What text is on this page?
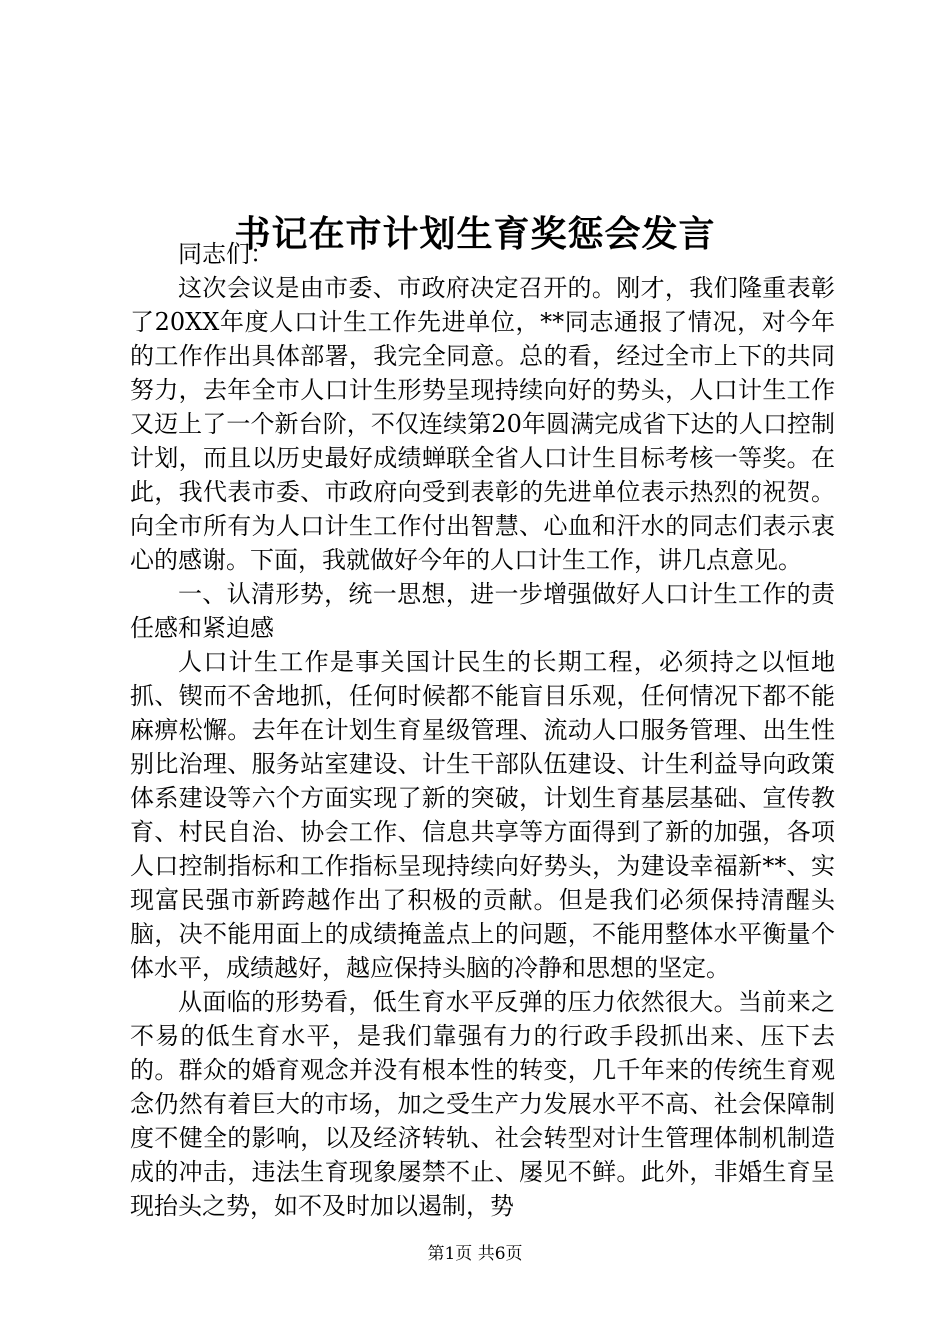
书记在市计划生育奖惩会发言

同志们：

这次会议是由市委、市政府决定召开的。刚才，我们隆重表彰了20XX年度人口计生工作先进单位，**同志通报了情况，对今年的工作作出具体部署，我完全同意。总的看，经过全市上下的共同努力，去年全市人口计生形势呈现持续向好的势头，人口计生工作又迈上了一个新台阶，不仅连续第20年圆满完成省下达的人口控制计划，而且以历史最好成绩蝉联全省人口计生目标考核一等奖。在此，我代表市委、市政府向受到表彰的先进单位表示热烈的祝贺。向全市所有为人口计生工作付出智慧、心血和汗水的同志们表示衷心的感谢。下面，我就做好今年的人口计生工作，讲几点意见。

一、认清形势，统一思想，进一步增强做好人口计生工作的责任感和紧迫感

人口计生工作是事关国计民生的长期工程，必须持之以恒地抓、锲而不舍地抓，任何时候都不能盲目乐观，任何情况下都不能麻痹松懈。去年在计划生育星级管理、流动人口服务管理、出生性别比治理、服务站室建设、计生干部队伍建设、计生利益导向政策体系建设等六个方面实现了新的突破，计划生育基层基础、宣传教育、村民自治、协会工作、信息共享等方面得到了新的加强，各项人口控制指标和工作指标呈现持续向好势头，为建设幸福新**、实现富民强市新跨越作出了积极的贡献。但是我们必须保持清醒头脑，决不能用面上的成绩掩盖点上的问题，不能用整体水平衡量个体水平，成绩越好，越应保持头脑的冷静和思想的坚定。

从面临的形势看，低生育水平反弹的压力依然很大。当前来之不易的低生育水平，是我们靠强有力的行政手段抓出来、压下去的。群众的婚育观念并没有根本性的转变，几千年来的传统生育观念仍然有着巨大的市场，加之受生产力发展水平不高、社会保障制度不健全的影响，以及经济转轨、社会转型对计生管理体制机制造成的冲击，违法生育现象屡禁不止、屡见不鲜。此外，非婚生育呈现抬头之势，如不及时加以遏制，势

第1页 共6页
